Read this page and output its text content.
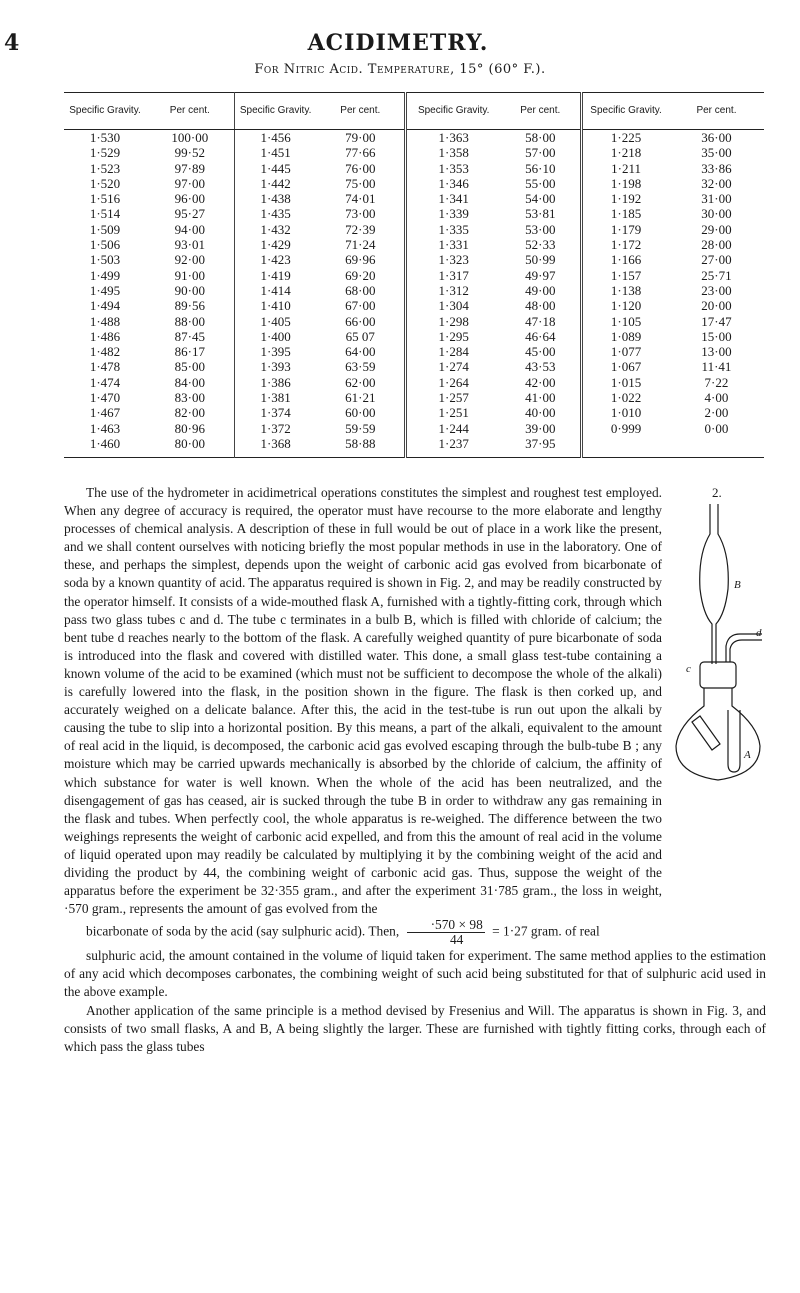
4	ACIDIMETRY.
For Nitric Acid. Temperature, 15° (60° F.).
Specific Gravity.	Per cent.	Specific Gravity.	Per cent.	Specific Gravity.	Per cent.	Specific Gravity.	Per cent.
1·530	100·00	1·456	79·00	1·363	58·00	1·225	36·00
1·529	99·52	1·451	77·66	1·358	57·00	1·218	35·00
1·523	97·89	1·445	76·00	1·353	56·10	1·211	33·86
1·520	97·00	1·442	75·00	1·346	55·00	1·198	32·00
1·516	96·00	1·438	74·01	1·341	54·00	1·192	31·00
1·514	95·27	1·435	73·00	1·339	53·81	1·185	30·00
1·509	94·00	1·432	72·39	1·335	53·00	1·179	29·00
1·506	93·01	1·429	71·24	1·331	52·33	1·172	28·00
1·503	92·00	1·423	69·96	1·323	50·99	1·166	27·00
1·499	91·00	1·419	69·20	1·317	49·97	1·157	25·71
1·495	90·00	1·414	68·00	1·312	49·00	1·138	23·00
1·494	89·56	1·410	67·00	1·304	48·00	1·120	20·00
1·488	88·00	1·405	66·00	1·298	47·18	1·105	17·47
1·486	87·45	1·400	65 07	1·295	46·64	1·089	15·00
1·482	86·17	1·395	64·00	1·284	45·00	1·077	13·00
1·478	85·00	1·393	63·59	1·274	43·53	1·067	11·41
1·474	84·00	1·386	62·00	1·264	42·00	1·015	7·22
1·470	83·00	1·381	61·21	1·257	41·00	1·022	4·00
1·467	82·00	1·374	60·00	1·251	40·00	1·010	2·00
1·463	80·96	1·372	59·59	1·244	39·00	0·999	0·00
1·460	80·00	1·368	58·88	1·237	37·95		

2.
B
c
d
A

The use of the hydrometer in acidimetrical operations constitutes the simplest and roughest test employed. When any degree of accuracy is required, the operator must have recourse to the more elaborate and lengthy processes of chemical analysis. A description of these in full would be out of place in a work like the present, and we shall content ourselves with noticing briefly the most popular methods in use in the laboratory. One of these, and perhaps the simplest, depends upon the weight of carbonic acid gas evolved from bicarbonate of soda by a known quantity of acid. The apparatus required is shown in Fig. 2, and may be readily constructed by the operator himself. It consists of a wide-mouthed flask A, furnished with a tightly-fitting cork, through which pass two glass tubes c and d. The tube c terminates in a bulb B, which is filled with chloride of calcium; the bent tube d reaches nearly to the bottom of the flask. A carefully weighed quantity of pure bicarbonate of soda is introduced into the flask and covered with distilled water. This done, a small glass test-tube containing a known volume of the acid to be examined (which must not be sufficient to decompose the whole of the alkali) is carefully lowered into the flask, in the position shown in the figure. The flask is then corked up, and accurately weighed on a delicate balance. After this, the acid in the test-tube is run out upon the alkali by causing the tube to slip into a horizontal position. By this means, a part of the alkali, equivalent to the amount of real acid in the liquid, is decomposed, the carbonic acid gas evolved escaping through the bulb-tube B ; any moisture which may be carried upwards mechanically is absorbed by the chloride of calcium, the affinity of which substance for water is well known. When the whole of the acid has been neutralized, and the disengagement of gas has ceased, air is sucked through the tube B in order to withdraw any gas remaining in the flask and tubes. When perfectly cool, the whole apparatus is re-weighed. The difference between the two weighings represents the weight of carbonic acid expelled, and from this the amount of real acid in the volume of liquid operated upon may readily be calculated by multiplying it by the combining weight of the acid and dividing the product by 44, the combining weight of carbonic acid gas. Thus, suppose the weight of the apparatus before the experiment be 32·355 gram., and after the experiment 31·785 gram., the loss in weight, ·570 gram., represents the amount of gas evolved from the

bicarbonate of soda by the acid (say sulphuric acid). Then, $\frac{\cdot 570 \times 98}{44} = 1\cdot 27$ gram. of real

sulphuric acid, the amount contained in the volume of liquid taken for experiment. The same method applies to the estimation of any acid which decomposes carbonates, the combining weight of such acid being substituted for that of sulphuric acid used in the above example.

Another application of the same principle is a method devised by Fresenius and Will. The apparatus is shown in Fig. 3, and consists of two small flasks, A and B, A being slightly the larger. These are furnished with tightly fitting corks, through each of which pass the glass tubes
